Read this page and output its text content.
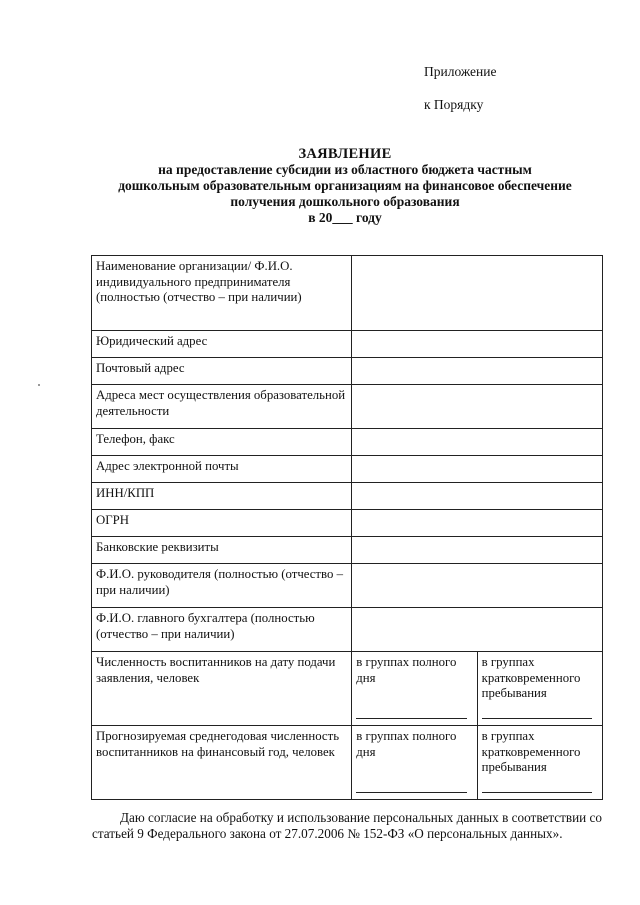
Приложение
к Порядку
ЗАЯВЛЕНИЕ
на предоставление субсидии из областного бюджета частным
дошкольным образовательным организациям на финансовое обеспечение
получения дошкольного образования
в 20___ году
Наименование организации/ Ф.И.О. индивидуального предпринимателя (полностью (отчество – при наличии)		
Юридический адрес		
Почтовый адрес		
Адреса мест осуществления образовательной деятельности		
Телефон, факс		
Адрес электронной почты		
ИНН/КПП		
ОГРН		
Банковские реквизиты		
Ф.И.О. руководителя (полностью (отчество – при наличии)		
Ф.И.О. главного бухгалтера (полностью (отчество – при наличии)		
Численность воспитанников на дату подачи заявления, человек	в группах полного дня	в группах кратковременного пребывания

Прогнозируемая среднегодовая численность воспитанников на финансовый год, человек	в группах полного дня	в группах кратковременного пребывания
Даю согласие на обработку и использование персональных данных в соответствии со статьей 9 Федерального закона от 27.07.2006 № 152-ФЗ «О персональных данных».
